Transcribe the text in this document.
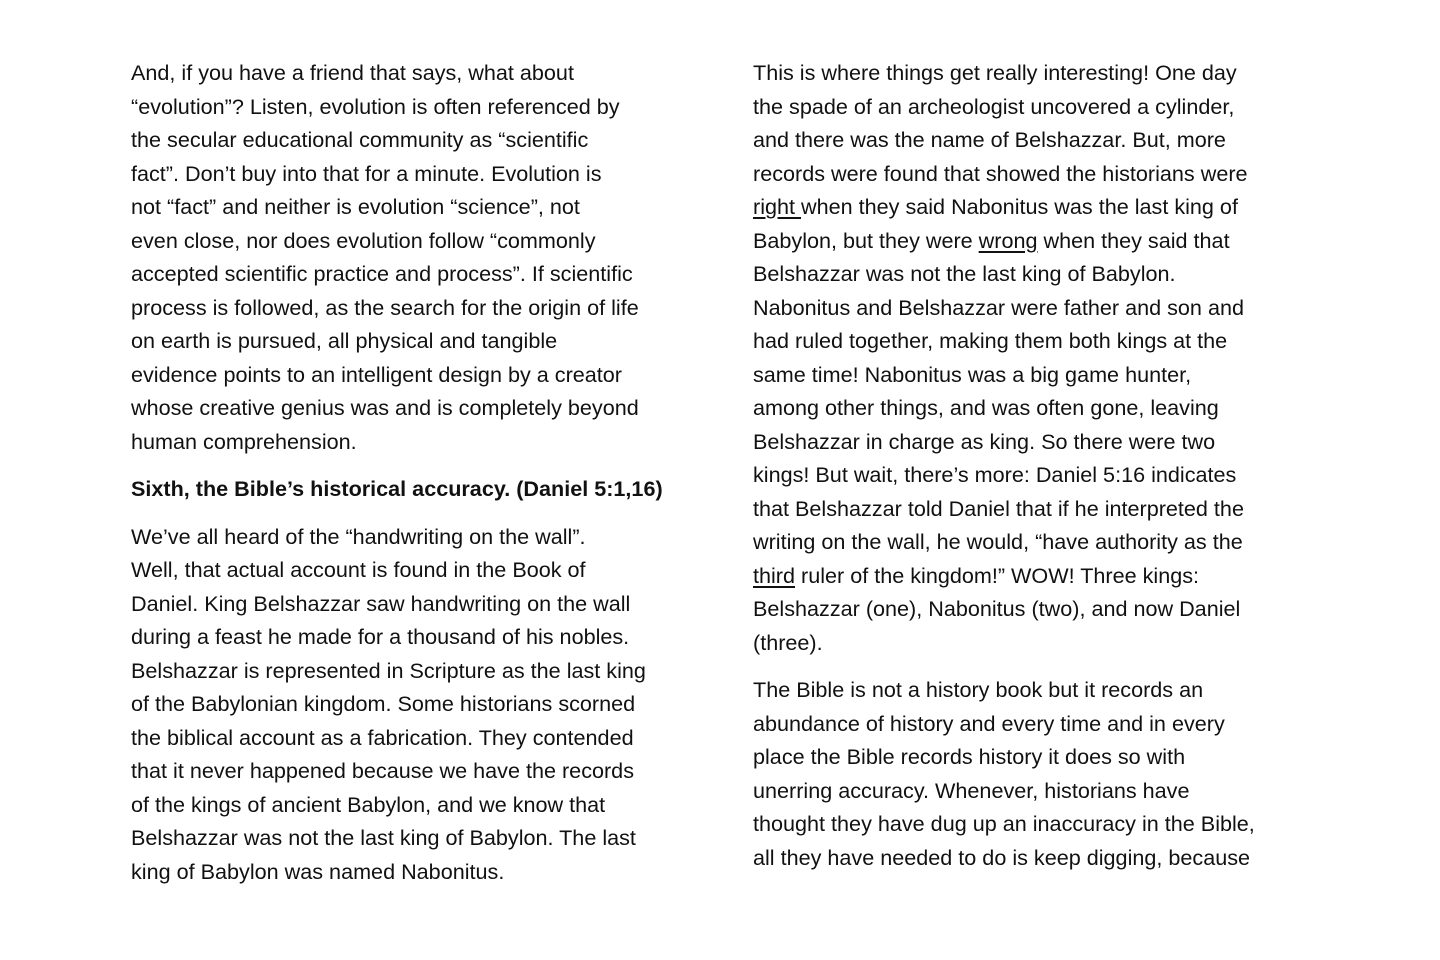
And, if you have a friend that says, what about
“evolution”? Listen, evolution is often referenced by
the secular educational community as “scientific
fact”. Don’t buy into that for a minute. Evolution is
not “fact” and neither is evolution “science”, not
even close, nor does evolution follow “commonly
accepted scientific practice and process”. If scientific
process is followed, as the search for the origin of life
on earth is pursued, all physical and tangible
evidence points to an intelligent design by a creator
whose creative genius was and is completely beyond
human comprehension.

Sixth, the Bible’s historical accuracy. (Daniel 5:1,16)

We’ve all heard of the “handwriting on the wall”.
Well, that actual account is found in the Book of
Daniel. King Belshazzar saw handwriting on the wall
during a feast he made for a thousand of his nobles.
Belshazzar is represented in Scripture as the last king
of the Babylonian kingdom. Some historians scorned
the biblical account as a fabrication. They contended
that it never happened because we have the records
of the kings of ancient Babylon, and we know that
Belshazzar was not the last king of Babylon. The last
king of Babylon was named Nabonitus.

This is where things get really interesting! One day
the spade of an archeologist uncovered a cylinder,
and there was the name of Belshazzar. But, more
records were found that showed the historians were
right when they said Nabonitus was the last king of
Babylon, but they were wrong when they said that
Belshazzar was not the last king of Babylon.
Nabonitus and Belshazzar were father and son and
had ruled together, making them both kings at the
same time! Nabonitus was a big game hunter,
among other things, and was often gone, leaving
Belshazzar in charge as king. So there were two
kings! But wait, there’s more: Daniel 5:16 indicates
that Belshazzar told Daniel that if he interpreted the
writing on the wall, he would, “have authority as the
third ruler of the kingdom!” WOW! Three kings:
Belshazzar (one), Nabonitus (two), and now Daniel
(three).

The Bible is not a history book but it records an
abundance of history and every time and in every
place the Bible records history it does so with
unerring accuracy. Whenever, historians have
thought they have dug up an inaccuracy in the Bible,
all they have needed to do is keep digging, because
